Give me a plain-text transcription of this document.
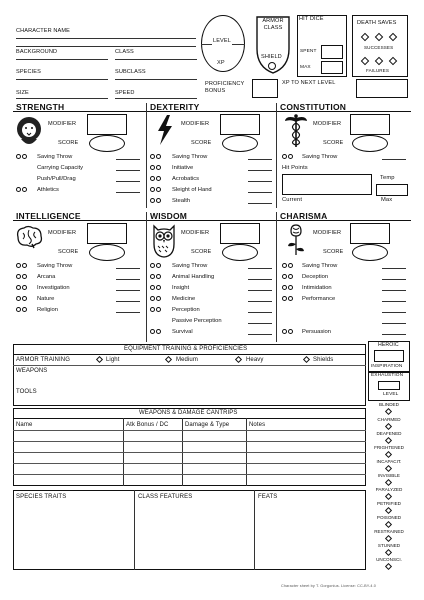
CHARACTER NAME
BACKGROUND	CLASS
SPECIES	SUBCLASS
SIZE	SPEED
LEVEL
XP
ARMOR
CLASS
SHIELD
HIT DICE
SPENT
MAX
DEATH SAVES
SUCCESSES
FAILURES
PROFICIENCY
BONUS
XP TO NEXT LEVEL
STRENGTH
MODIFIER
SCORE
DEXTERITY
MODIFIER
SCORE
CONSTITUTION
MODIFIER
SCORE
Saving Throw
Carrying Capacity
Push/Pull/Drag
Athletics
Saving Throw
Initiative
Acrobatics
Sleight of Hand
Stealth
Saving Throw
Hit Points
Temp
Current	Max
INTELLIGENCE
MODIFIER
SCORE
WISDOM
MODIFIER
SCORE
CHARISMA
MODIFIER
SCORE
Saving Throw
Arcana
Investigation
Nature
Religion
Saving Throw
Animal Handling
Insight
Medicine
Perception
Passive Perception
Survival
Saving Throw
Deception
Intimidation
Performance
Persuasion
EQUIPMENT TRAINING & PROFICIENCIES
ARMOR TRAINING	Light	Medium	Heavy	Shields
WEAPONS
TOOLS
HEROIC
INSPIRATION
EXHAUSTION
LEVEL
BLINDED
CHARMED
DEAFENED
FRIGHTENED
INCAPACIT.
INVISIBLE
PARALYZED
PETRIFIED
POISONED
RESTRAINED
STUNNED
UNCONSCI.
WEAPONS & DAMAGE CANTRIPS
Name	Atk Bonus / DC	Damage & Type	Notes
SPECIES TRAITS	CLASS FEATURES	FEATS
Character sheet by T. Gorgonius. License: CC-BY-4.0
